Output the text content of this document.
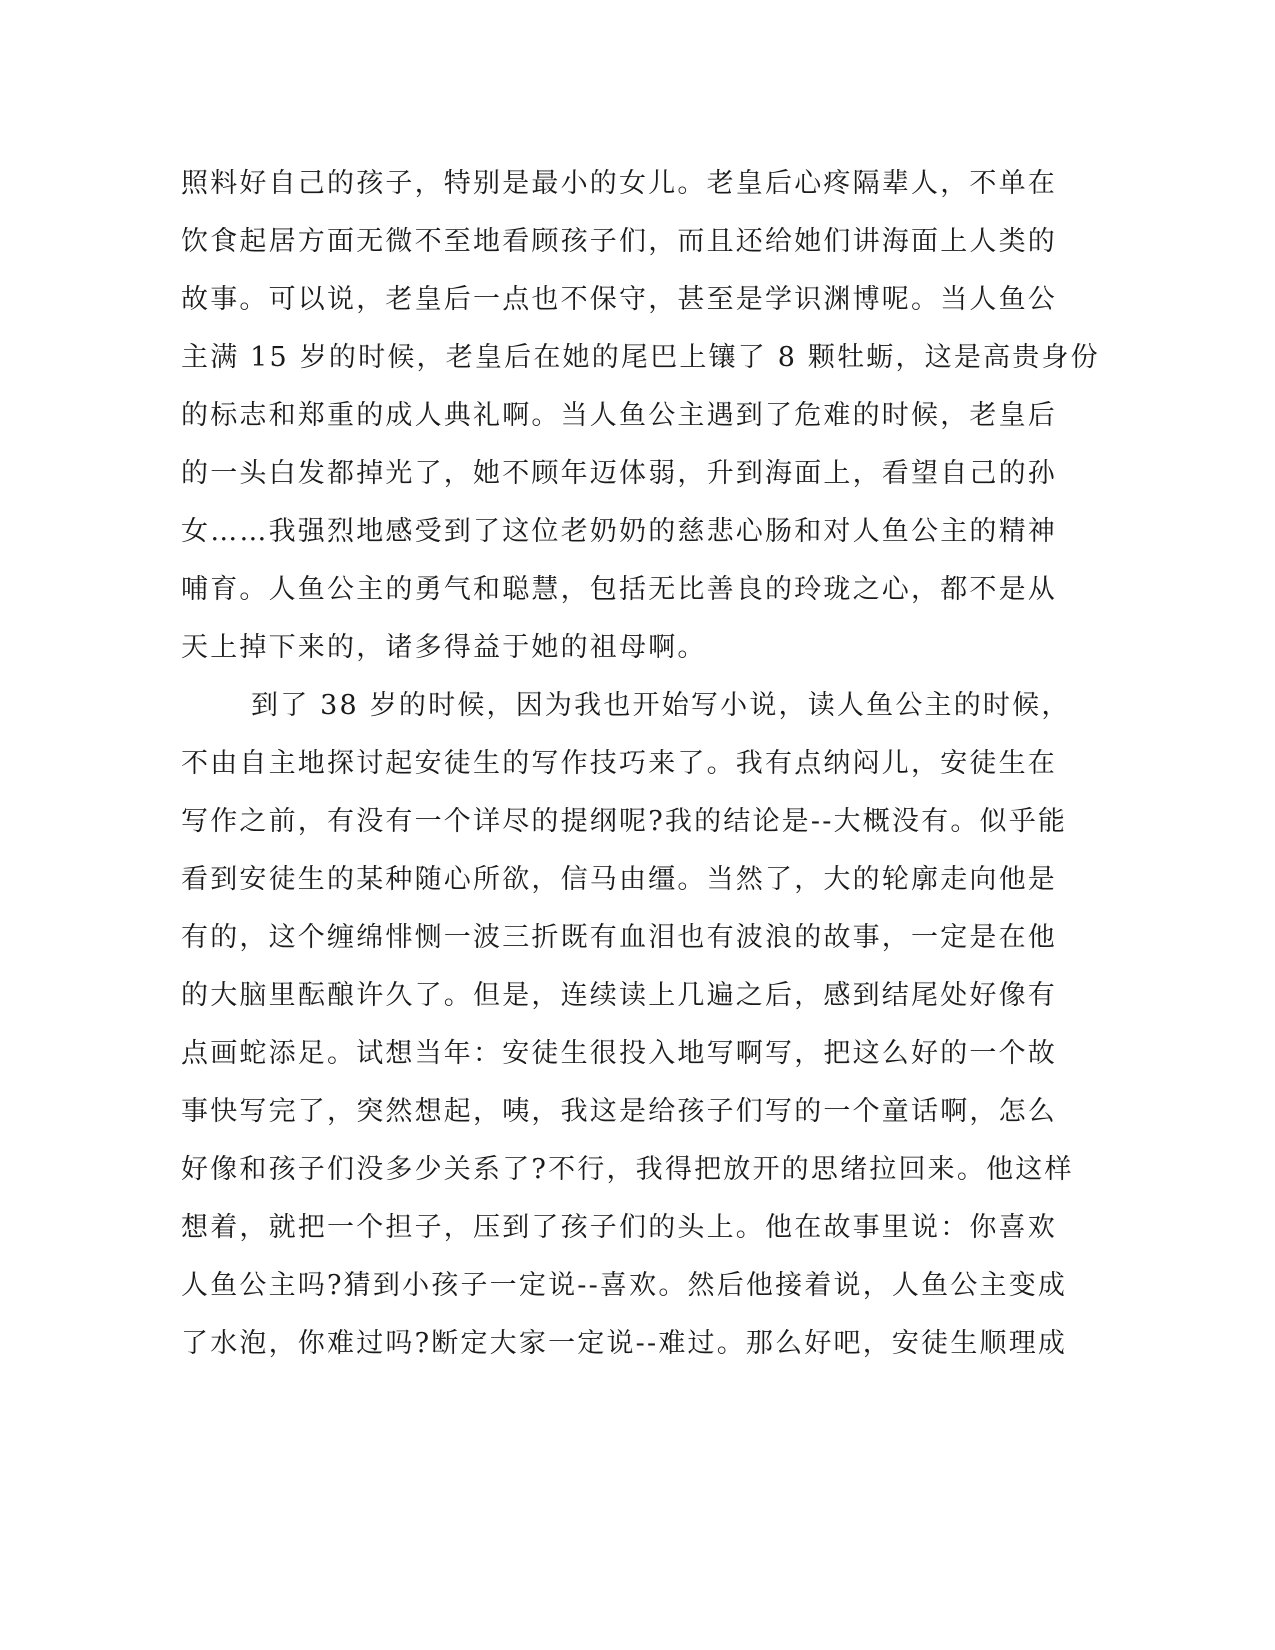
照料好自己的孩子，特别是最小的女儿。老皇后心疼隔辈人，不单在
饮食起居方面无微不至地看顾孩子们，而且还给她们讲海面上人类的
故事。可以说，老皇后一点也不保守，甚至是学识渊博呢。当人鱼公
主满 15 岁的时候，老皇后在她的尾巴上镶了 8 颗牡蛎，这是高贵身份
的标志和郑重的成人典礼啊。当人鱼公主遇到了危难的时候，老皇后
的一头白发都掉光了，她不顾年迈体弱，升到海面上，看望自己的孙
女……我强烈地感受到了这位老奶奶的慈悲心肠和对人鱼公主的精神
哺育。人鱼公主的勇气和聪慧，包括无比善良的玲珑之心，都不是从
天上掉下来的，诸多得益于她的祖母啊。
到了 38 岁的时候，因为我也开始写小说，读人鱼公主的时候，
不由自主地探讨起安徒生的写作技巧来了。我有点纳闷儿，安徒生在
写作之前，有没有一个详尽的提纲呢?我的结论是--大概没有。似乎能
看到安徒生的某种随心所欲，信马由缰。当然了，大的轮廓走向他是
有的，这个缠绵悱恻一波三折既有血泪也有波浪的故事，一定是在他
的大脑里酝酿许久了。但是，连续读上几遍之后，感到结尾处好像有
点画蛇添足。试想当年：安徒生很投入地写啊写，把这么好的一个故
事快写完了，突然想起，咦，我这是给孩子们写的一个童话啊，怎么
好像和孩子们没多少关系了?不行，我得把放开的思绪拉回来。他这样
想着，就把一个担子，压到了孩子们的头上。他在故事里说：你喜欢
人鱼公主吗?猜到小孩子一定说--喜欢。然后他接着说，人鱼公主变成
了水泡，你难过吗?断定大家一定说--难过。那么好吧，安徒生顺理成
